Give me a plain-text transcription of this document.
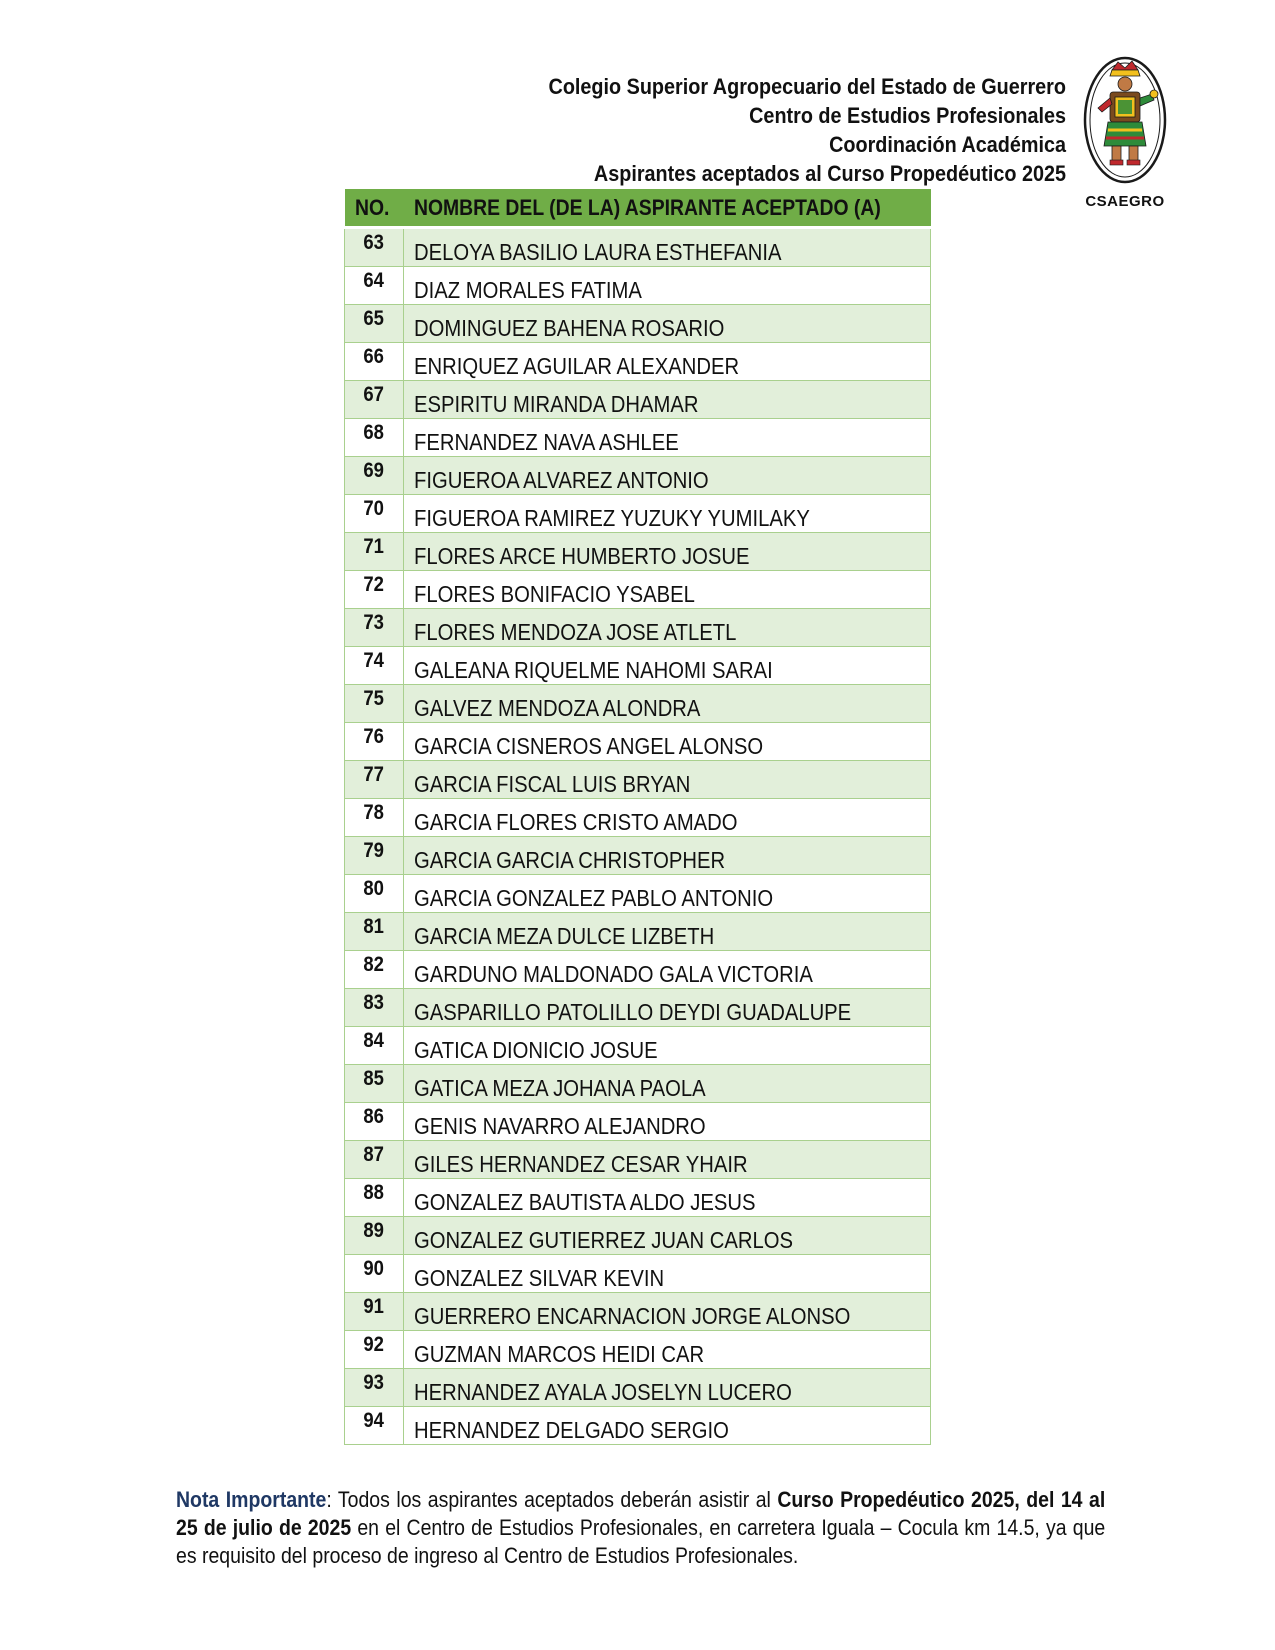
Colegio Superior Agropecuario del Estado de Guerrero
Centro de Estudios Profesionales
Coordinación Académica
Aspirantes aceptados al Curso Propedéutico 2025
CSAEGRO
NO.	NOMBRE DEL (DE LA) ASPIRANTE ACEPTADO (A)
63	DELOYA BASILIO LAURA ESTHEFANIA
64	DIAZ MORALES FATIMA
65	DOMINGUEZ BAHENA ROSARIO
66	ENRIQUEZ AGUILAR ALEXANDER
67	ESPIRITU MIRANDA DHAMAR
68	FERNANDEZ NAVA ASHLEE
69	FIGUEROA ALVAREZ ANTONIO
70	FIGUEROA RAMIREZ YUZUKY YUMILAKY
71	FLORES ARCE HUMBERTO JOSUE
72	FLORES BONIFACIO YSABEL
73	FLORES MENDOZA JOSE ATLETL
74	GALEANA RIQUELME NAHOMI SARAI
75	GALVEZ MENDOZA ALONDRA
76	GARCIA CISNEROS ANGEL ALONSO
77	GARCIA FISCAL LUIS BRYAN
78	GARCIA FLORES CRISTO AMADO
79	GARCIA GARCIA CHRISTOPHER
80	GARCIA GONZALEZ PABLO ANTONIO
81	GARCIA MEZA DULCE LIZBETH
82	GARDUNO MALDONADO GALA VICTORIA
83	GASPARILLO PATOLILLO DEYDI GUADALUPE
84	GATICA DIONICIO JOSUE
85	GATICA MEZA JOHANA PAOLA
86	GENIS NAVARRO ALEJANDRO
87	GILES HERNANDEZ CESAR YHAIR
88	GONZALEZ BAUTISTA ALDO JESUS
89	GONZALEZ GUTIERREZ JUAN CARLOS
90	GONZALEZ SILVAR KEVIN
91	GUERRERO ENCARNACION JORGE ALONSO
92	GUZMAN MARCOS HEIDI CAR
93	HERNANDEZ AYALA JOSELYN LUCERO
94	HERNANDEZ DELGADO SERGIO
Nota Importante: Todos los aspirantes aceptados deberán asistir al Curso Propedéutico 2025, del 14 al 25 de julio de 2025 en el Centro de Estudios Profesionales, en carretera Iguala – Cocula km 14.5, ya que es requisito del proceso de ingreso al Centro de Estudios Profesionales.
